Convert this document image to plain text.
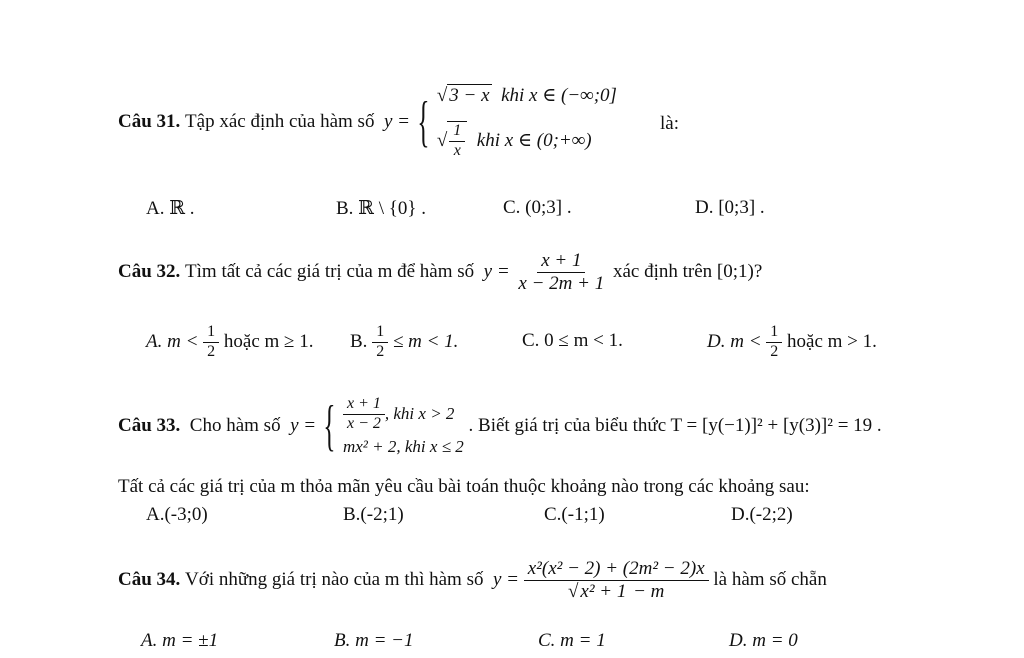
Câu 31.
Tập xác định của hàm số
y = { √ 3 − x khi x ∈ (−∞;0]
√ $\frac{1}{x}$
khi x ∈ (0;+∞)
là:
A. ℝ .	B. ℝ \ {0} .	C. (0;3] .	D. [0;3] .
Câu 32.
Tìm tất cả các giá trị của m để hàm số
y =
$\frac{x + 1}{x - 2m + 1}$
xác định trên [0;1)?
A. m <
$\frac{1}{2}$
hoặc m ≥ 1. B.
$\frac{1}{2}$
≤ m < 1.	C. 0 ≤ m < 1.	D. m <
$\frac{1}{2}$
hoặc m > 1.
Câu 33.
Cho hàm số
y = { $\frac{x + 1}{x - 2}$ , khi x > 2
mx² + 2, khi x ≤ 2

. Biết giá trị của biểu thức T = [y(−1)]² + [y(3)]² = 19 .
Tất cả các giá trị của m thỏa mãn yêu cầu bài toán thuộc khoảng nào trong các khoảng sau:
A.(-3;0)	B.(-2;1)	C.(-1;1)	D.(-2;2)
Câu 34.
Với những giá trị nào của m thì hàm số
y =
$\frac{\text{x²(x² − 2) + (2m² − 2)x}}{\text{√ x² + 1 − m}}$
là hàm số chẵn
A. m = ±1	B. m = −1	C. m = 1	D. m = 0
